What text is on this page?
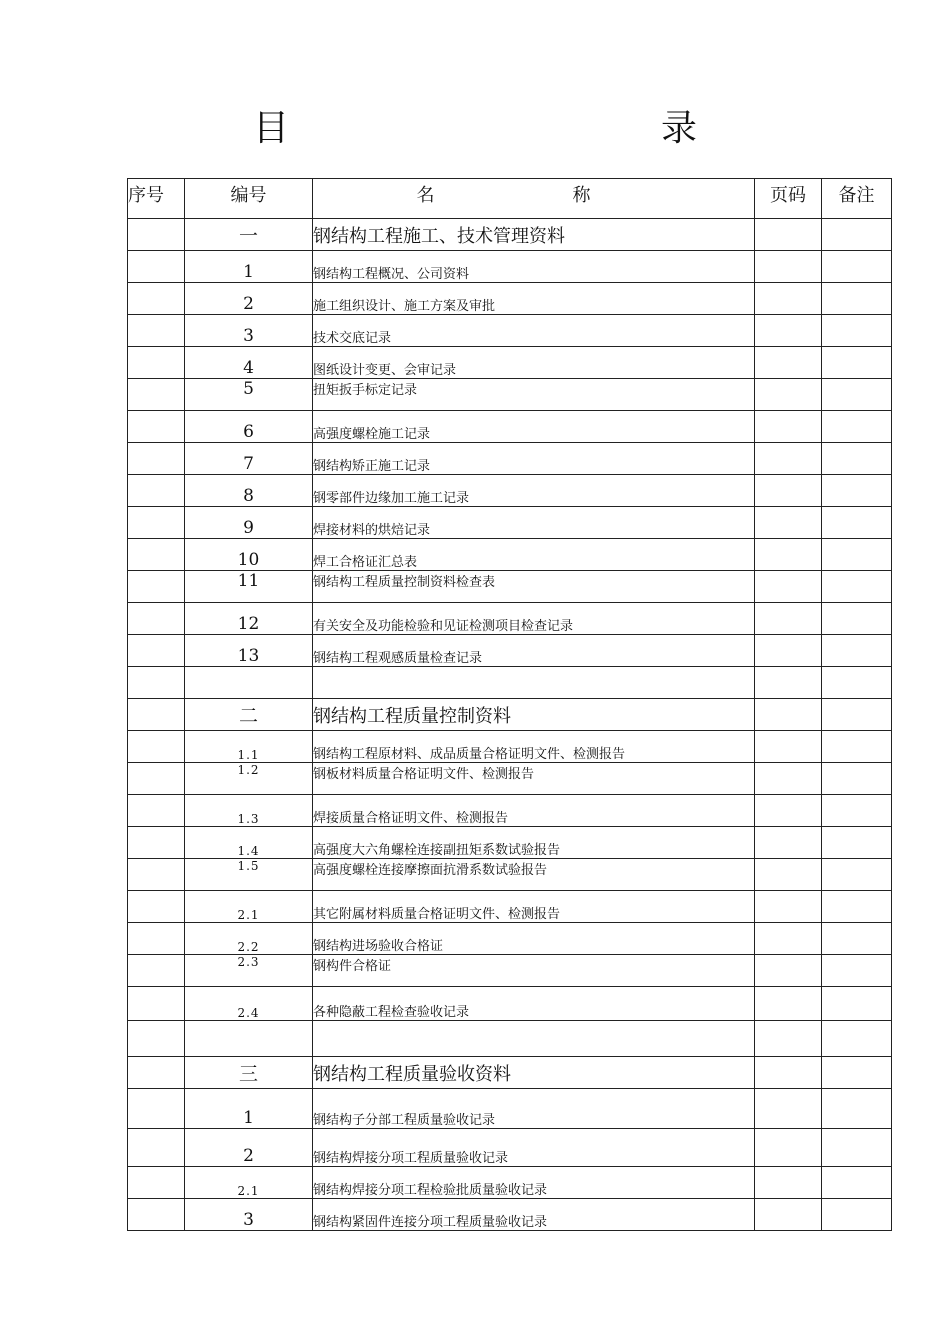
目　　录
序号	编号	名　称	页码	备注
	一	钢结构工程施工、技术管理资料		
	1	钢结构工程概况、公司资料		
	2	施工组织设计、施工方案及审批		
	3	技术交底记录		
	4	图纸设计变更、会审记录		
	5	扭矩扳手标定记录		
	6	高强度螺栓施工记录		
	7	钢结构矫正施工记录		
	8	钢零部件边缘加工施工记录		
	9	焊接材料的烘焙记录		
	10	焊工合格证汇总表		
	11	钢结构工程质量控制资料检查表		
	12	有关安全及功能检验和见证检测项目检查记录		
	13	钢结构工程观感质量检查记录		

	二	钢结构工程质量控制资料		
	1.1	钢结构工程原材料、成品质量合格证明文件、检测报告		
	1.2	钢板材料质量合格证明文件、检测报告		
	1.3	焊接质量合格证明文件、检测报告		
	1.4	高强度大六角螺栓连接副扭矩系数试验报告		
	1.5	高强度螺栓连接摩擦面抗滑系数试验报告		
	2.1	其它附属材料质量合格证明文件、检测报告		
	2.2	钢结构进场验收合格证		
	2.3	钢构件合格证		
	2.4	各种隐蔽工程检查验收记录		

	三	钢结构工程质量验收资料		
	1	钢结构子分部工程质量验收记录		
	2	钢结构焊接分项工程质量验收记录		
	2.1	钢结构焊接分项工程检验批质量验收记录		
	3	钢结构紧固件连接分项工程质量验收记录		
